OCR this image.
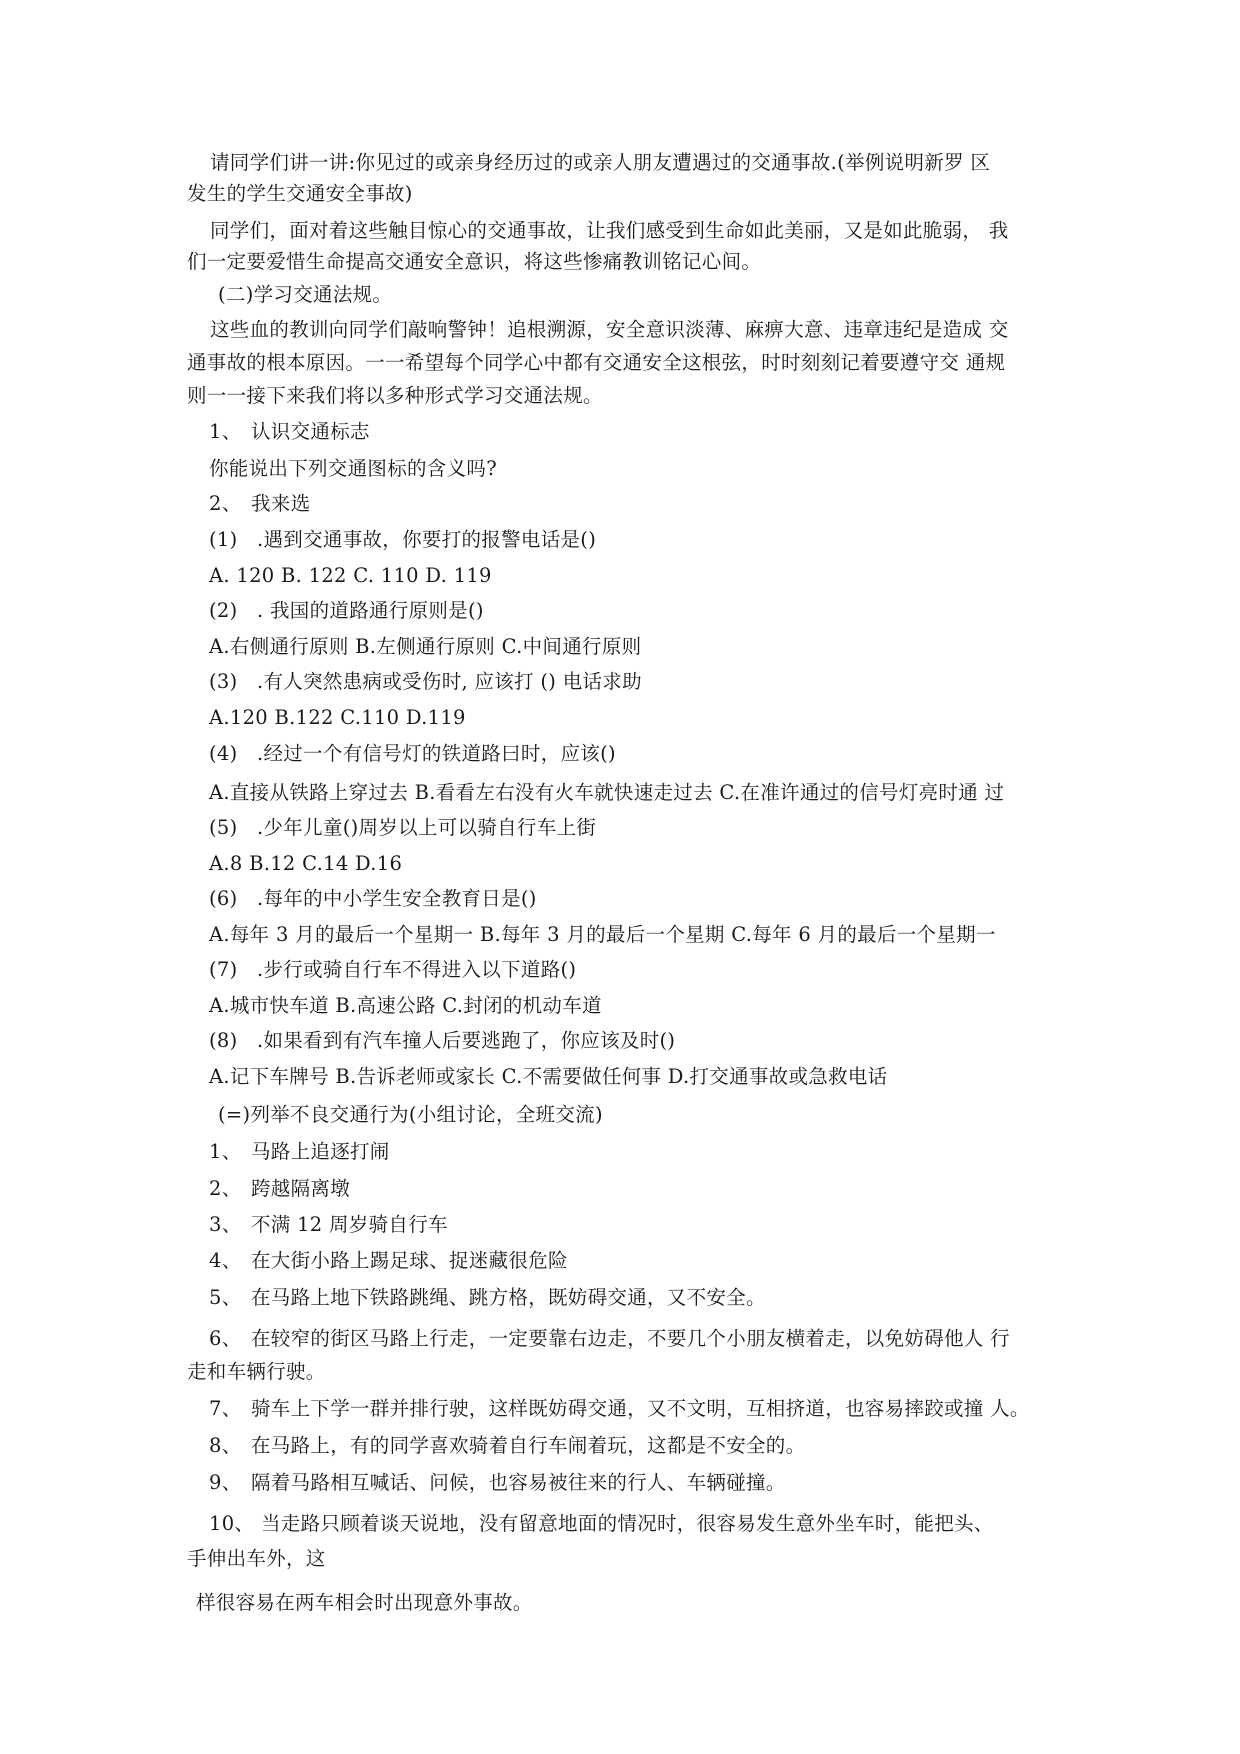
请同学们讲一讲:你见过的或亲身经历过的或亲人朋友遭遇过的交通事故.(举例说明新罗 区
发生的学生交通安全事故)
同学们，面对着这些触目惊心的交通事故，让我们感受到生命如此美丽，又是如此脆弱， 我
们一定要爱惜生命提高交通安全意识，将这些惨痛教训铭记心间。
(二)学习交通法规。
这些血的教训向同学们敲响警钟！追根溯源，安全意识淡薄、麻痹大意、违章违纪是造成 交
通事故的根本原因。一一希望每个同学心中都有交通安全这根弦，时时刻刻记着要遵守交 通规
则一一接下来我们将以多种形式学习交通法规。
1、 认识交通标志
你能说出下列交通图标的含义吗?
2、 我来选
(1) .遇到交通事故，你要打的报警电话是()
A. 120 B. 122 C. 110 D. 119
(2) . 我国的道路通行原则是()
A.右侧通行原则 B.左侧通行原则 C.中间通行原则
(3) .有人突然患病或受伤时, 应该打 () 电话求助
A.120 B.122 C.110 D.119
(4) .经过一个有信号灯的铁道路曰时，应该()
A.直接从铁路上穿过去 B.看看左右没有火车就快速走过去 C.在准许通过的信号灯亮时通 过
(5) .少年儿童()周岁以上可以骑自行车上街
A.8 B.12 C.14 D.16
(6) .每年的中小学生安全教育日是()
A.每年 3 月的最后一个星期一 B.每年 3 月的最后一个星期 C.每年 6 月的最后一个星期一
(7) .步行或骑自行车不得进入以下道路()
A.城市快车道 B.高速公路 C.封闭的机动车道
(8) .如果看到有汽车撞人后要逃跑了，你应该及时()
A.记下车牌号 B.告诉老师或家长 C.不需要做任何事 D.打交通事故或急救电话
(=)列举不良交通行为(小组讨论，全班交流)
1、 马路上追逐打闹
2、 跨越隔离墩
3、 不满 12 周岁骑自行车
4、 在大街小路上踢足球、捉迷藏很危险
5、 在马路上地下铁路跳绳、跳方格，既妨碍交通，又不安全。
6、 在较窄的街区马路上行走，一定要靠右边走，不要几个小朋友横着走，以免妨碍他人 行
走和车辆行驶。
7、 骑车上下学一群并排行驶，这样既妨碍交通，又不文明，互相挤道，也容易摔跤或撞 人。
8、 在马路上，有的同学喜欢骑着自行车闹着玩，这都是不安全的。
9、 隔着马路相互喊话、问候，也容易被往来的行人、车辆碰撞。
10、 当走路只顾着谈天说地，没有留意地面的情况时，很容易发生意外坐车时，能把头、
手伸出车外，这
样很容易在两车相会时出现意外事故。
